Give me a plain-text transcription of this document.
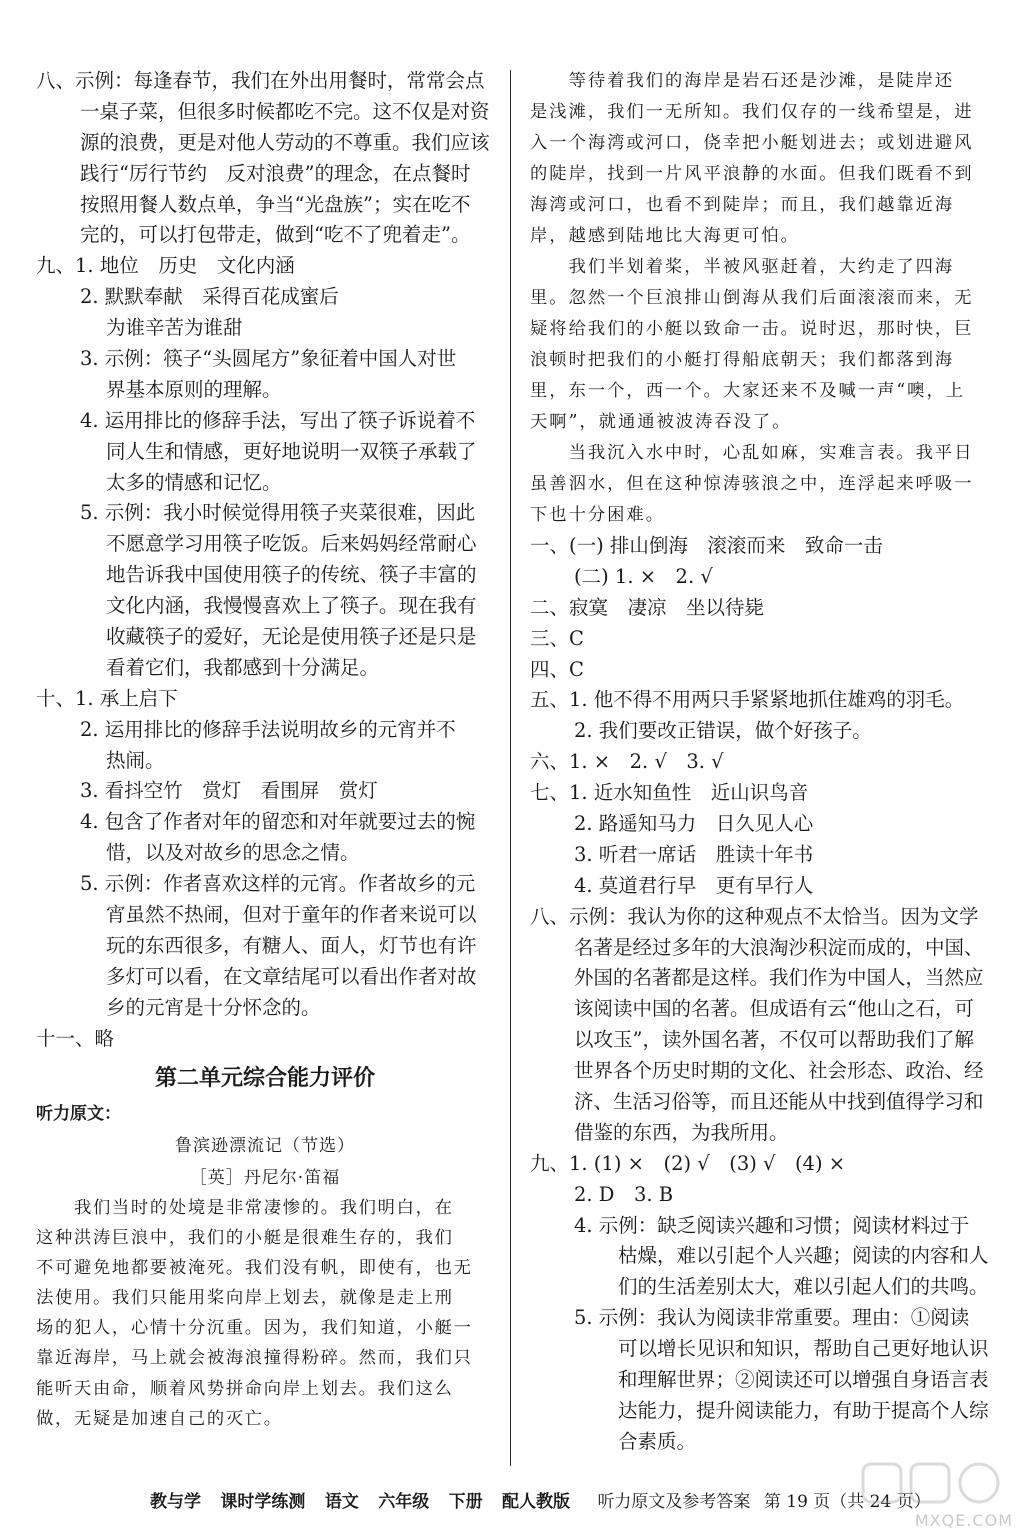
八、示例：每逢春节，我们在外出用餐时，常常会点
一桌子菜，但很多时候都吃不完。这不仅是对资
源的浪费，更是对他人劳动的不尊重。我们应该
践行“厉行节约　反对浪费”的理念，在点餐时
按照用餐人数点单，争当“光盘族”；实在吃不
完的，可以打包带走，做到“吃不了兜着走”。
九、1. 地位　历史　文化内涵
2. 默默奉献　采得百花成蜜后
为谁辛苦为谁甜
3. 示例：筷子“头圆尾方”象征着中国人对世
界基本原则的理解。
4. 运用排比的修辞手法，写出了筷子诉说着不
同人生和情感，更好地说明一双筷子承载了
太多的情感和记忆。
5. 示例：我小时候觉得用筷子夹菜很难，因此
不愿意学习用筷子吃饭。后来妈妈经常耐心
地告诉我中国使用筷子的传统、筷子丰富的
文化内涵，我慢慢喜欢上了筷子。现在我有
收藏筷子的爱好，无论是使用筷子还是只是
看着它们，我都感到十分满足。
十、1. 承上启下
2. 运用排比的修辞手法说明故乡的元宵并不
热闹。
3. 看抖空竹　赏灯　看围屏　赏灯
4. 包含了作者对年的留恋和对年就要过去的惋
惜，以及对故乡的思念之情。
5. 示例：作者喜欢这样的元宵。作者故乡的元
宵虽然不热闹，但对于童年的作者来说可以
玩的东西很多，有糖人、面人，灯节也有许
多灯可以看，在文章结尾可以看出作者对故
乡的元宵是十分怀念的。
十一、略
第二单元综合能力评价
听力原文：
鲁滨逊漂流记（节选）
［英］丹尼尔·笛福
　　我们当时的处境是非常凄惨的。我们明白，在
这种洪涛巨浪中，我们的小艇是很难生存的，我们
不可避免地都要被淹死。我们没有帆，即使有，也无
法使用。我们只能用桨向岸上划去，就像是走上刑
场的犯人，心情十分沉重。因为，我们知道，小艇一
靠近海岸，马上就会被海浪撞得粉碎。然而，我们只
能听天由命，顺着风势拼命向岸上划去。我们这么
做，无疑是加速自己的灭亡。
　　等待着我们的海岸是岩石还是沙滩，是陡岸还
是浅滩，我们一无所知。我们仅存的一线希望是，进
入一个海湾或河口，侥幸把小艇划进去；或划进避风
的陡岸，找到一片风平浪静的水面。但我们既看不到
海湾或河口，也看不到陡岸；而且，我们越靠近海
岸，越感到陆地比大海更可怕。
　　我们半划着桨，半被风驱赶着，大约走了四海
里。忽然一个巨浪排山倒海从我们后面滚滚而来，无
疑将给我们的小艇以致命一击。说时迟，那时快，巨
浪顿时把我们的小艇打得船底朝天；我们都落到海
里，东一个，西一个。大家还来不及喊一声“噢，上
天啊”，就通通被波涛吞没了。
　　当我沉入水中时，心乱如麻，实难言表。我平日
虽善泅水，但在这种惊涛骇浪之中，连浮起来呼吸一
下也十分困难。
一、(一) 排山倒海　滚滚而来　致命一击
(二) 1. ×　2. √
二、寂寞　凄凉　坐以待毙
三、C
四、C
五、1. 他不得不用两只手紧紧地抓住雄鸡的羽毛。
2. 我们要改正错误，做个好孩子。
六、1. ×　2. √　3. √
七、1. 近水知鱼性　近山识鸟音
2. 路遥知马力　日久见人心
3. 听君一席话　胜读十年书
4. 莫道君行早　更有早行人
八、示例：我认为你的这种观点不太恰当。因为文学
名著是经过多年的大浪淘沙积淀而成的，中国、
外国的名著都是这样。我们作为中国人，当然应
该阅读中国的名著。但成语有云“他山之石，可
以攻玉”，读外国名著，不仅可以帮助我们了解
世界各个历史时期的文化、社会形态、政治、经
济、生活习俗等，而且还能从中找到值得学习和
借鉴的东西，为我所用。
九、1. (1) ×　(2) √　(3) √　(4) ×
2. D　3. B
4. 示例：缺乏阅读兴趣和习惯；阅读材料过于
枯燥，难以引起个人兴趣；阅读的内容和人
们的生活差别太大，难以引起人们的共鸣。
5. 示例：我认为阅读非常重要。理由：①阅读
可以增长见识和知识，帮助自己更好地认识
和理解世界；②阅读还可以增强自身语言表
达能力，提升阅读能力，有助于提高个人综
合素质。
教与学 课时学练测 语文 六年级 下册 配人教版 听力原文及参考答案 第 19 页（共 24 页）
MXQE.COM
